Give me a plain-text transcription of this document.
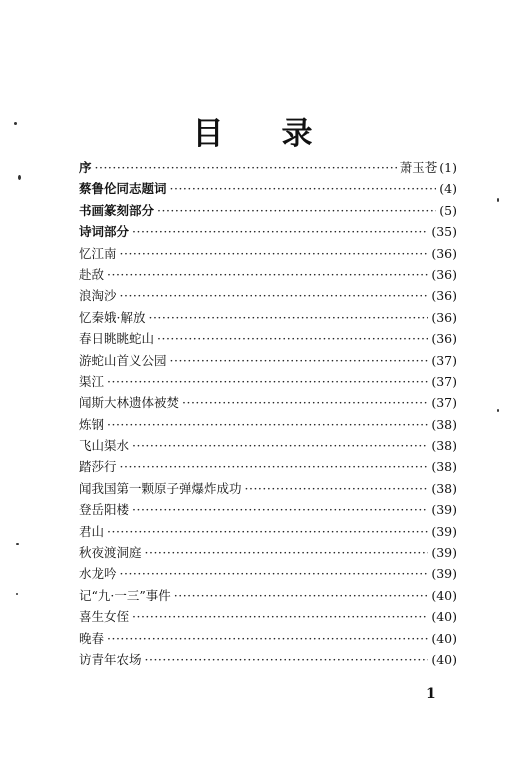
目 录
序 ·····	萧玉苍 (1)
蔡鲁伦同志题词 ·····	(4)
书画篆刻部分 ·····	(5)
诗词部分 ·····	(35)
忆江南 ·····	(36)
赴敌 ·····	(36)
浪淘沙 ·····	(36)
忆秦娥·解放 ·····	(36)
春日眺眺蛇山 ·····	(36)
游蛇山首义公园 ·····	(37)
渠江 ·····	(37)
闻斯大林遗体被焚 ·····	(37)
炼钢 ·····	(38)
飞山渠水 ·····	(38)
踏莎行 ·····	(38)
闻我国第一颗原子弹爆炸成功 ·····	(38)
登岳阳楼 ·····	(39)
君山 ·····	(39)
秋夜渡洞庭 ·····	(39)
水龙吟 ·····	(39)
记“九·一三”事件 ·····	(40)
喜生女侄 ·····	(40)
晚春 ·····	(40)
访青年农场 ·····	(40)
1
